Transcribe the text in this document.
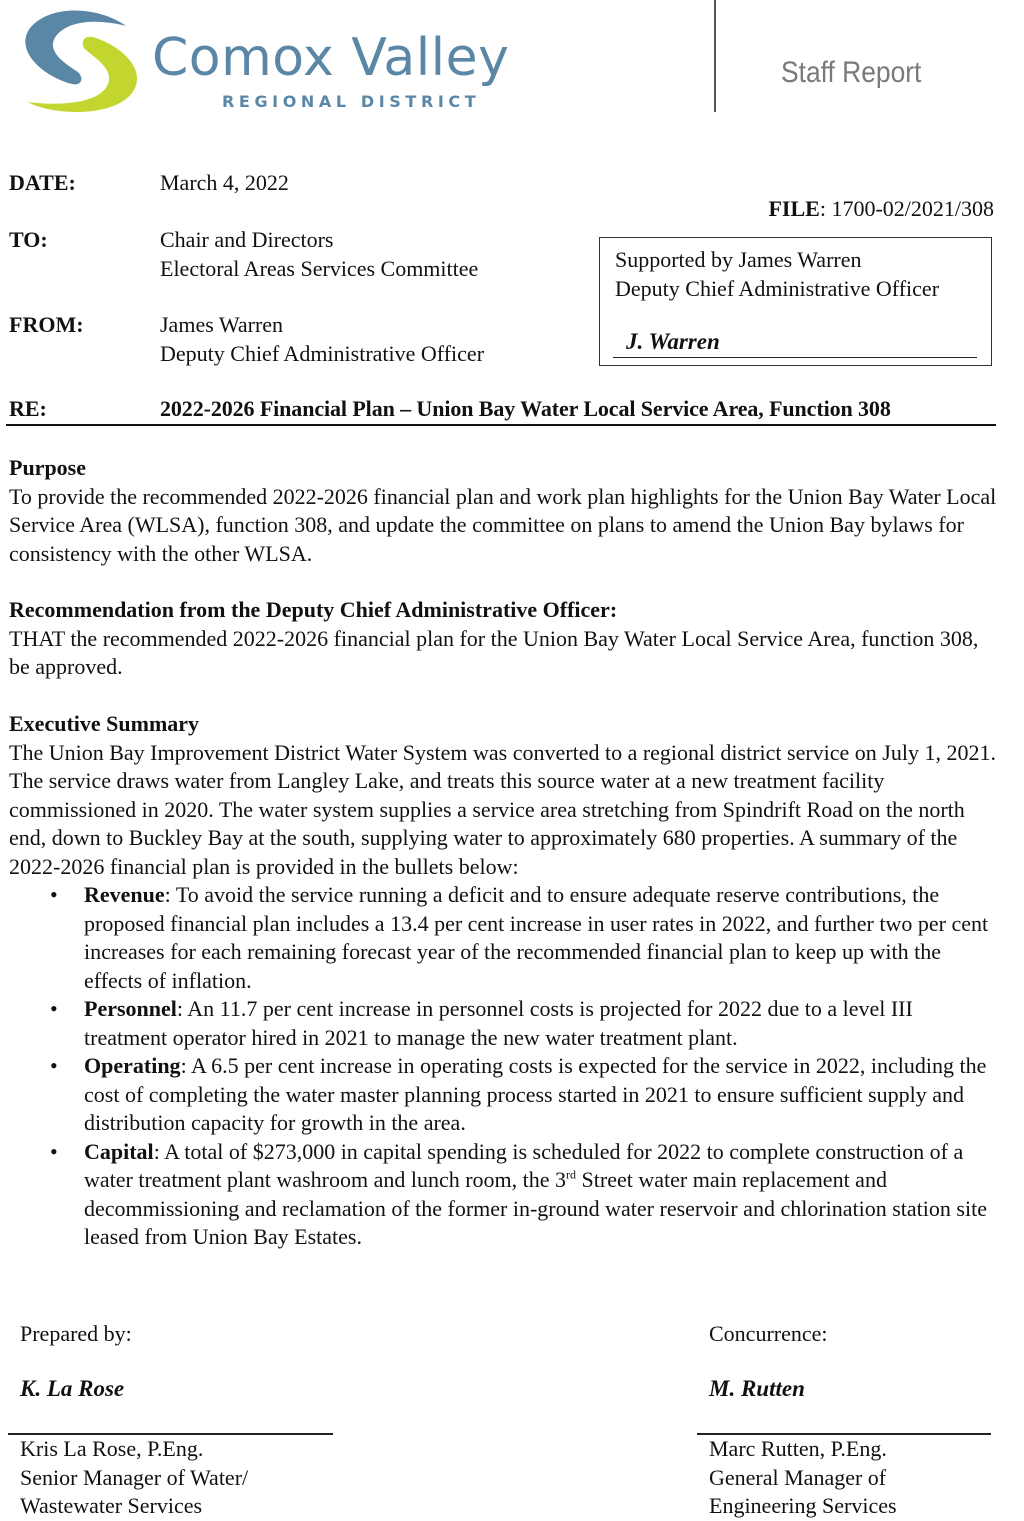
Comox Valley
REGIONAL DISTRICT
Staff Report
DATE:	March 4, 2022
FILE: 1700-02/2021/308
TO:	Chair and Directors
Electoral Areas Services Committee
FROM:	James Warren
Deputy Chief Administrative Officer
Supported by James Warren
Deputy Chief Administrative Officer
J. Warren
RE:	2022-2026 Financial Plan – Union Bay Water Local Service Area, Function 308
Purpose

To provide the recommended 2022-2026 financial plan and work plan highlights for the Union Bay Water Local Service Area (WLSA), function 308, and update the committee on plans to amend the Union Bay bylaws for consistency with the other WLSA.

Recommendation from the Deputy Chief Administrative Officer:

THAT the recommended 2022-2026 financial plan for the Union Bay Water Local Service Area, function 308, be approved.

Executive Summary

The Union Bay Improvement District Water System was converted to a regional district service on July 1, 2021. The service draws water from Langley Lake, and treats this source water at a new treatment facility commissioned in 2020. The water system supplies a service area stretching from Spindrift Road on the north end, down to Buckley Bay at the south, supplying water to approximately 680 properties. A summary of the 2022-2026 financial plan is provided in the bullets below:

• Revenue: To avoid the service running a deficit and to ensure adequate reserve contributions, the proposed financial plan includes a 13.4 per cent increase in user rates in 2022, and further two per cent increases for each remaining forecast year of the recommended financial plan to keep up with the effects of inflation.
• Personnel: An 11.7 per cent increase in personnel costs is projected for 2022 due to a level III treatment operator hired in 2021 to manage the new water treatment plant.
• Operating: A 6.5 per cent increase in operating costs is expected for the service in 2022, including the cost of completing the water master planning process started in 2021 to ensure sufficient supply and distribution capacity for growth in the area.
• Capital: A total of $273,000 in capital spending is scheduled for 2022 to complete construction of a water treatment plant washroom and lunch room, the 3rd Street water main replacement and decommissioning and reclamation of the former in-ground water reservoir and chlorination station site leased from Union Bay Estates.
Prepared by:
K. La Rose
Kris La Rose, P.Eng.
Senior Manager of Water/
Wastewater Services
Concurrence:
M. Rutten
Marc Rutten, P.Eng.
General Manager of
Engineering Services
